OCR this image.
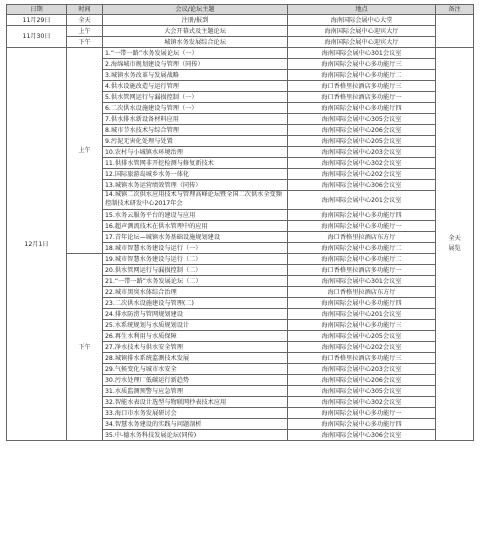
日期	时间	会议/论坛主题	地点	备注
11月29日	全天	注册/报到	海南国际会展中心大堂	
11月30日	上午	大会开幕式及主题论坛	海南国际会展中心迎宾大厅	
	下午	城镇水务发展综合论坛	海南国际会展中心迎宾大厅	
12月1日	上午	1.“一带一路”水务发展论坛（一）	海南国际会展中心301会议室	全天展览
		2.海绵城市规划建设与管理（同传）	海南国际会展中心多功能厅三	
		3.城镇水务改革与发展战略	海南国际会展中心多功能厅二	
		4.供水设施改造与运行管理	海口香格里拉酒店多功能厅三	
		5.供水管网运行与漏损控制（一）	海口香格里拉酒店多功能厅一	
		6.二次供水设施建设与管理（一）	海南国际会展中心多功能厅四	
		7.供水排水新设备材料应用	海南国际会展中心305会议室	
		8.城市节水技术与综合管理	海南国际会展中心206会议室	
		9.污泥无害化处理与处置	海南国际会展中心205会议室	
		10.农村与小城镇水环境治理	海南国际会展中心203会议室	
		11.供排水管网非开挖检测与修复新技术	海南国际会展中心302会议室	
		12.国际旅游岛城乡水务一体化	海南国际会展中心202会议室	
		13.城镇水务运营绩效管理（同传）	海南国际会展中心306会议室	
		14.城镇二次供水应用技术与管理高峰论坛暨全国二次供水全变频控制技术研发中心2017年会	海南国际会展中心201会议室	
		15.水务云服务平台的建设与应用	海南国际会展中心多功能厅四	
		16.超声测流技术在供水管理中的应用	海南国际会展中心多功能厅一	
		17.青年论坛—城镇水务基础设施规划建设	海口香格里拉酒店东方厅	
		18.城市智慧水务建设与运行（一）	海南国际会展中心多功能厅二	
	下午	19.城市智慧水务建设与运行（二）	海南国际会展中心多功能厅二	
		20.供水管网运行与漏损控制（二）	海口香格里拉酒店多功能厅一	
		21.“一带一路”水务发展论坛（二）	海南国际会展中心301会议室	
		22.城市黑臭水体综合治理	海口香格里拉酒店东方厅	
		23.二次供水设施建设与管理(二)	海南国际会展中心多功能厅四	
		24.排水防涝与管网规划建设	海南国际会展中心201会议室	
		25.水系统规划与水质规划设计	海南国际会展中心多功能厅三	
		26.再生水利用与水质保障	海南国际会展中心205会议室	
		27.净水技术与供水安全管理	海南国际会展中心202会议室	
		28.城镇排水系统监测技术发展	海口香格里拉酒店多功能厅三	
		29.气候变化与城市水安全	海南国际会展中心203会议室	
		30.污水处理厂低碳运行新趋势	海南国际会展中心206会议室	
		31.水质监测预警与应急管理	海南国际会展中心305会议室	
		32.智能水表设计选型与物联网抄表技术应用	海南国际会展中心302会议室	
		33.海口市水务发展研讨会	海南国际会展中心多功能厅一	
		34.智慧水务建设的实践与问题剖析	海南国际会展中心多功能厅四	
		35.中-德水务科技发展论坛(同传)	海南国际会展中心306会议室	
